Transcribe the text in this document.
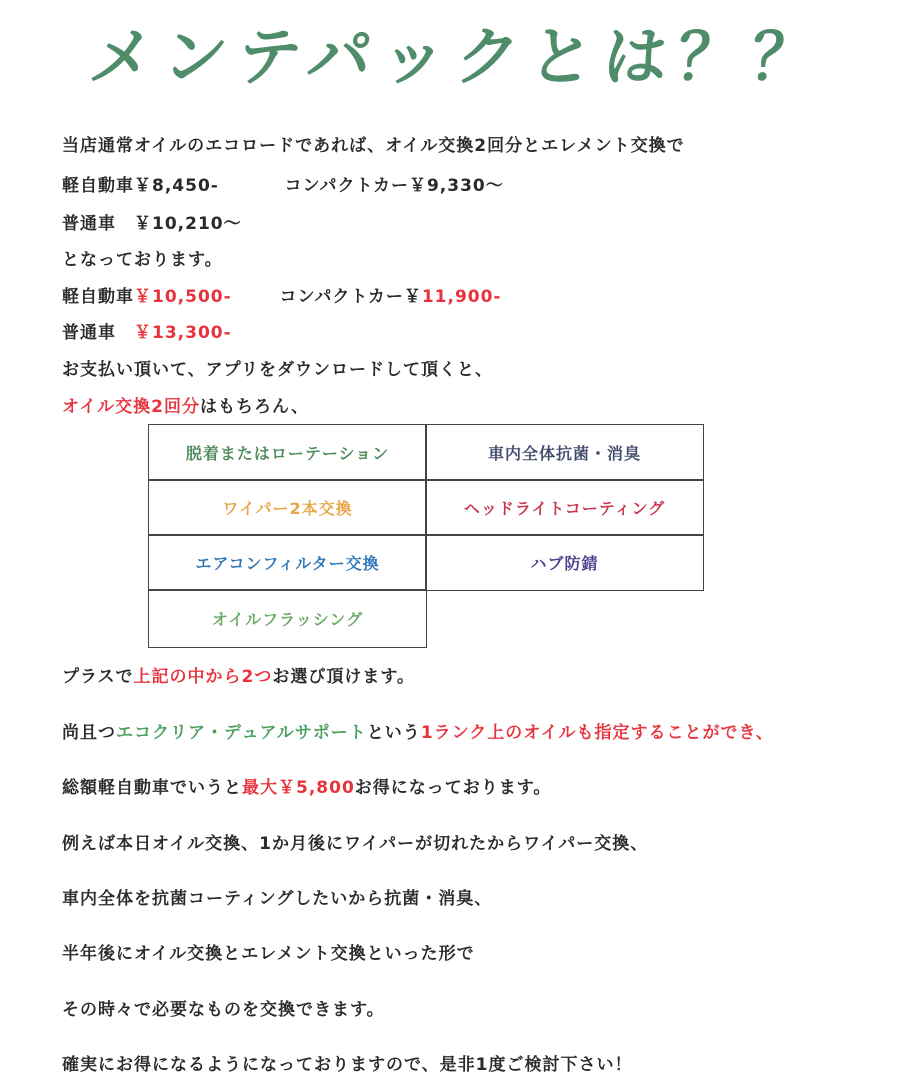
メンテパックとは？？
当店通常オイルのエコロードであれば、オイル交換2回分とエレメント交換で
軽自動車￥8,450-	コンパクトカー￥9,330～
普通車　￥10,210～
となっております。
軽自動車￥10,500-	コンパクトカー￥11,900-
普通車　￥13,300-
お支払い頂いて、アプリをダウンロードして頂くと、
オイル交換2回分はもちろん、
脱着またはローテーション	車内全体抗菌・消臭
ワイパー2本交換	ヘッドライトコーティング
エアコンフィルター交換	ハブ防錆
オイルフラッシング
プラスで上記の中から2つお選び頂けます。
尚且つエコクリア・デュアルサポートという1ランク上のオイルも指定することができ、
総額軽自動車でいうと最大￥5,800お得になっております。
例えば本日オイル交換、1か月後にワイパーが切れたからワイパー交換、
車内全体を抗菌コーティングしたいから抗菌・消臭、
半年後にオイル交換とエレメント交換といった形で
その時々で必要なものを交換できます。
確実にお得になるようになっておりますので、是非1度ご検討下さい！
